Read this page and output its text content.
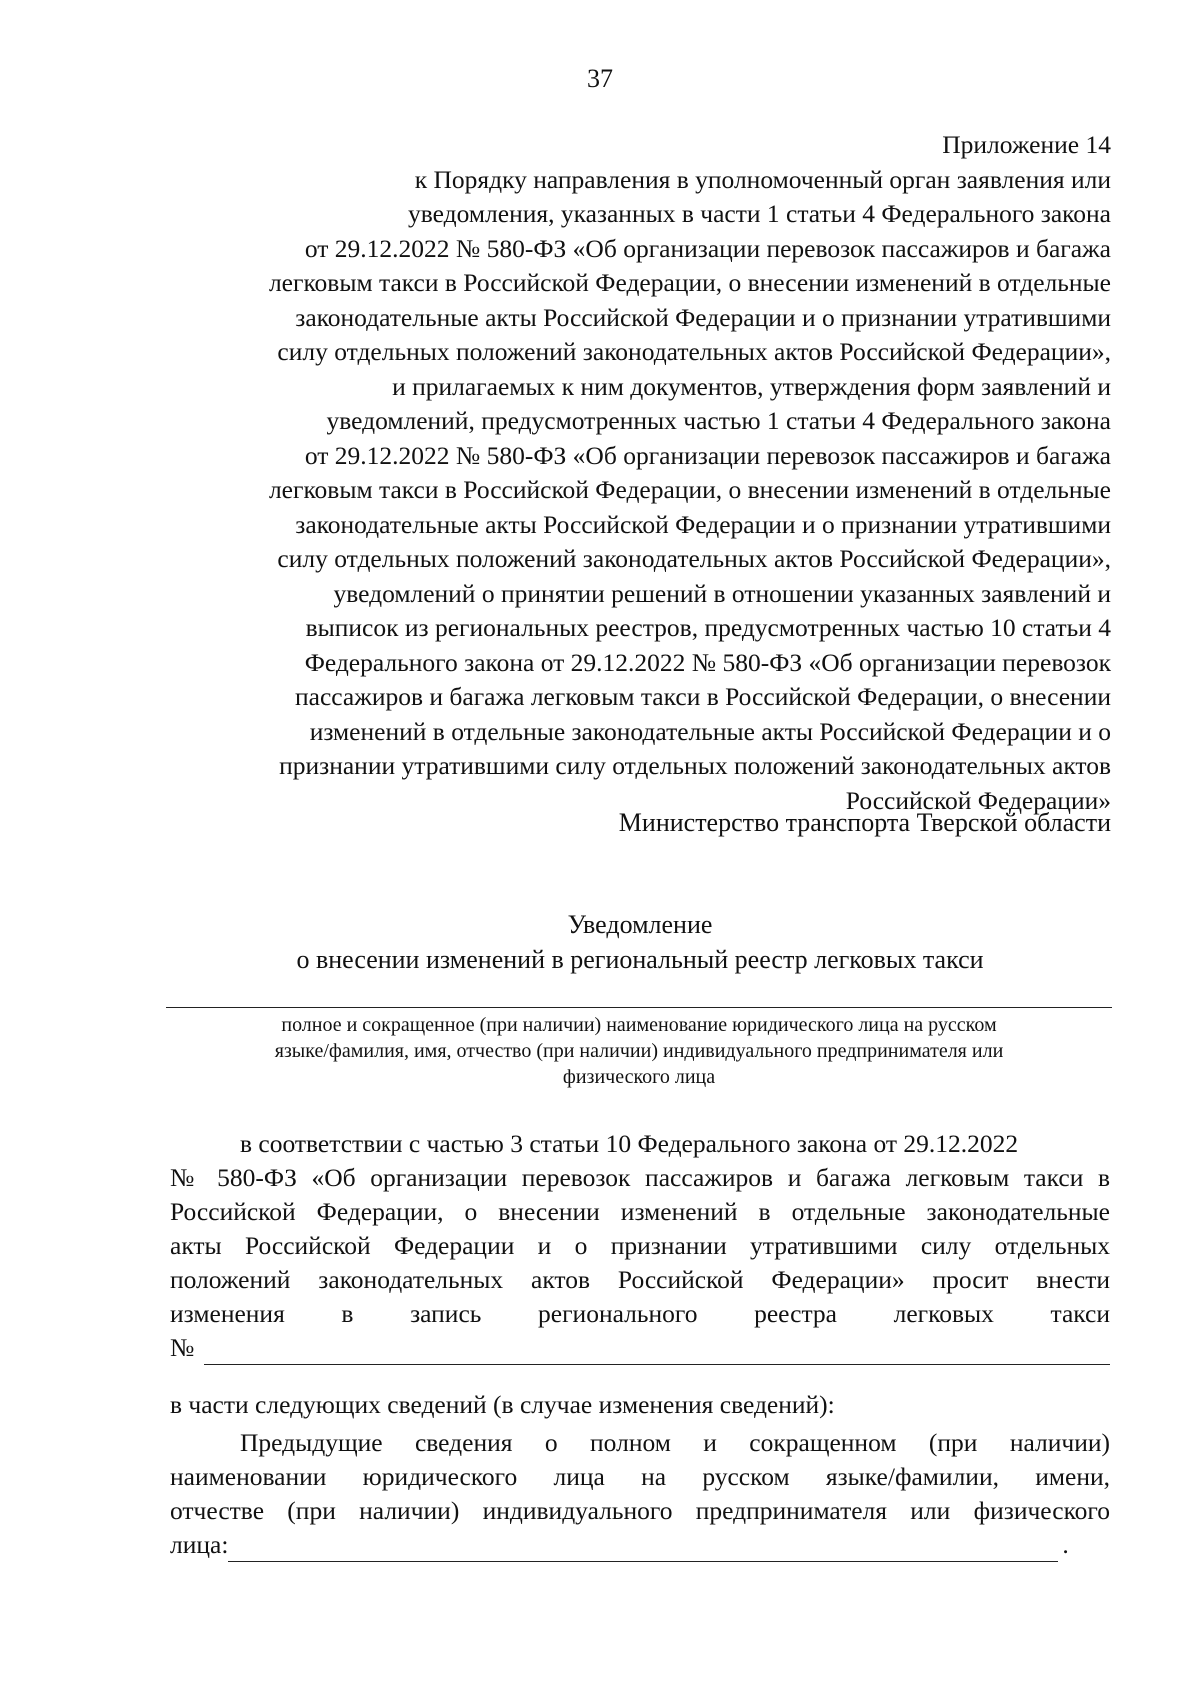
37
Приложение 14
к Порядку направления в уполномоченный орган заявления или
уведомления, указанных в части 1 статьи 4 Федерального закона
от 29.12.2022 № 580-ФЗ «Об организации перевозок пассажиров и багажа
легковым такси в Российской Федерации, о внесении изменений в отдельные
законодательные акты Российской Федерации и о признании утратившими
силу отдельных положений законодательных актов Российской Федерации»,
и прилагаемых к ним документов, утверждения форм заявлений и
уведомлений, предусмотренных частью 1 статьи 4 Федерального закона
от 29.12.2022 № 580-ФЗ «Об организации перевозок пассажиров и багажа
легковым такси в Российской Федерации, о внесении изменений в отдельные
законодательные акты Российской Федерации и о признании утратившими
силу отдельных положений законодательных актов Российской Федерации»,
уведомлений о принятии решений в отношении указанных заявлений и
выписок из региональных реестров, предусмотренных частью 10 статьи 4
Федерального закона от 29.12.2022 № 580-ФЗ «Об организации перевозок
пассажиров и багажа легковым такси в Российской Федерации, о внесении
изменений в отдельные законодательные акты Российской Федерации и о
признании утратившими силу отдельных положений законодательных актов
Российской Федерации»
Министерство транспорта Тверской области
Уведомление
о внесении изменений в региональный реестр легковых такси
полное и сокращенное (при наличии) наименование юридического лица на русском
языке/фамилия, имя, отчество (при наличии) индивидуального предпринимателя или
физического лица
в соответствии с частью 3 статьи 10 Федерального закона от 29.12.2022
№ 580-ФЗ «Об организации перевозок пассажиров и багажа легковым такси в
Российской Федерации, о внесении изменений в отдельные законодательные
акты Российской Федерации и о признании утратившими силу отдельных
положений законодательных актов Российской Федерации» просит внести
изменения в запись регионального реестра легковых такси
№
в части следующих сведений (в случае изменения сведений):
Предыдущие сведения о полном и сокращенном (при наличии)
наименовании юридического лица на русском языке/фамилии, имени,
отчестве (при наличии) индивидуального предпринимателя или физического
лица:	.
